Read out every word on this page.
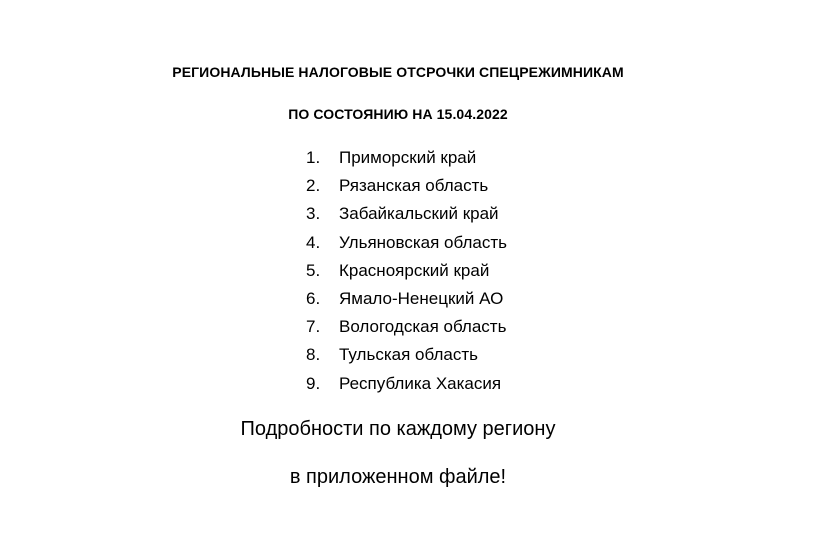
РЕГИОНАЛЬНЫЕ НАЛОГОВЫЕ ОТСРОЧКИ СПЕЦРЕЖИМНИКАМ
ПО СОСТОЯНИЮ НА 15.04.2022
1. Приморский край
2. Рязанская область
3. Забайкальский край
4. Ульяновская область
5. Красноярский край
6. Ямало-Ненецкий АО
7. Вологодская область
8. Тульская область
9. Республика Хакасия
Подробности по каждому региону
в приложенном файле!
